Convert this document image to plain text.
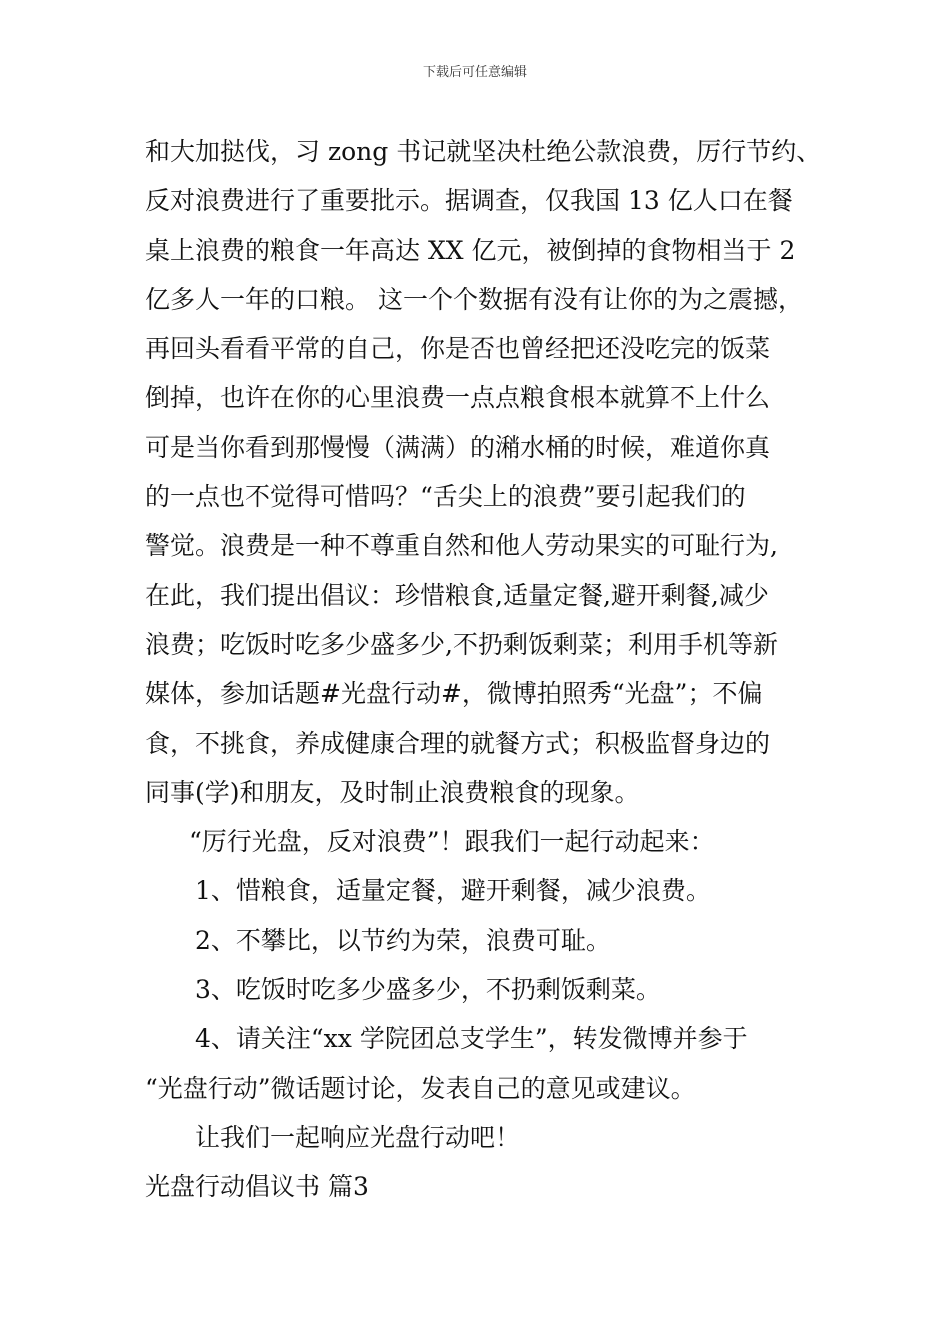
下载后可任意编辑
和大加挞伐，习 zong 书记就坚决杜绝公款浪费，厉行节约、
反对浪费进行了重要批示。据调查，仅我国 13 亿人口在餐
桌上浪费的粮食一年高达 XX 亿元，被倒掉的食物相当于 2
亿多人一年的口粮。 这一个个数据有没有让你的为之震撼，
再回头看看平常的自己，你是否也曾经把还没吃完的饭菜
倒掉，也许在你的心里浪费一点点粮食根本就算不上什么
可是当你看到那慢慢（满满）的潲水桶的时候，难道你真
的一点也不觉得可惜吗？“舌尖上的浪费”要引起我们的
警觉。浪费是一种不尊重自然和他人劳动果实的可耻行为,
在此，我们提出倡议：珍惜粮食,适量定餐,避开剩餐,减少
浪费；吃饭时吃多少盛多少,不扔剩饭剩菜；利用手机等新
媒体，参加话题#光盘行动#，微博拍照秀“光盘”；不偏
食，不挑食，养成健康合理的就餐方式；积极监督身边的
同事(学)和朋友，及时制止浪费粮食的现象。
“厉行光盘，反对浪费”！跟我们一起行动起来：
1、惜粮食，适量定餐，避开剩餐，减少浪费。
2、不攀比，以节约为荣，浪费可耻。
3、吃饭时吃多少盛多少，不扔剩饭剩菜。
4、请关注“xx 学院团总支学生”，转发微博并参于
“光盘行动”微话题讨论，发表自己的意见或建议。
让我们一起响应光盘行动吧！
光盘行动倡议书 篇3
